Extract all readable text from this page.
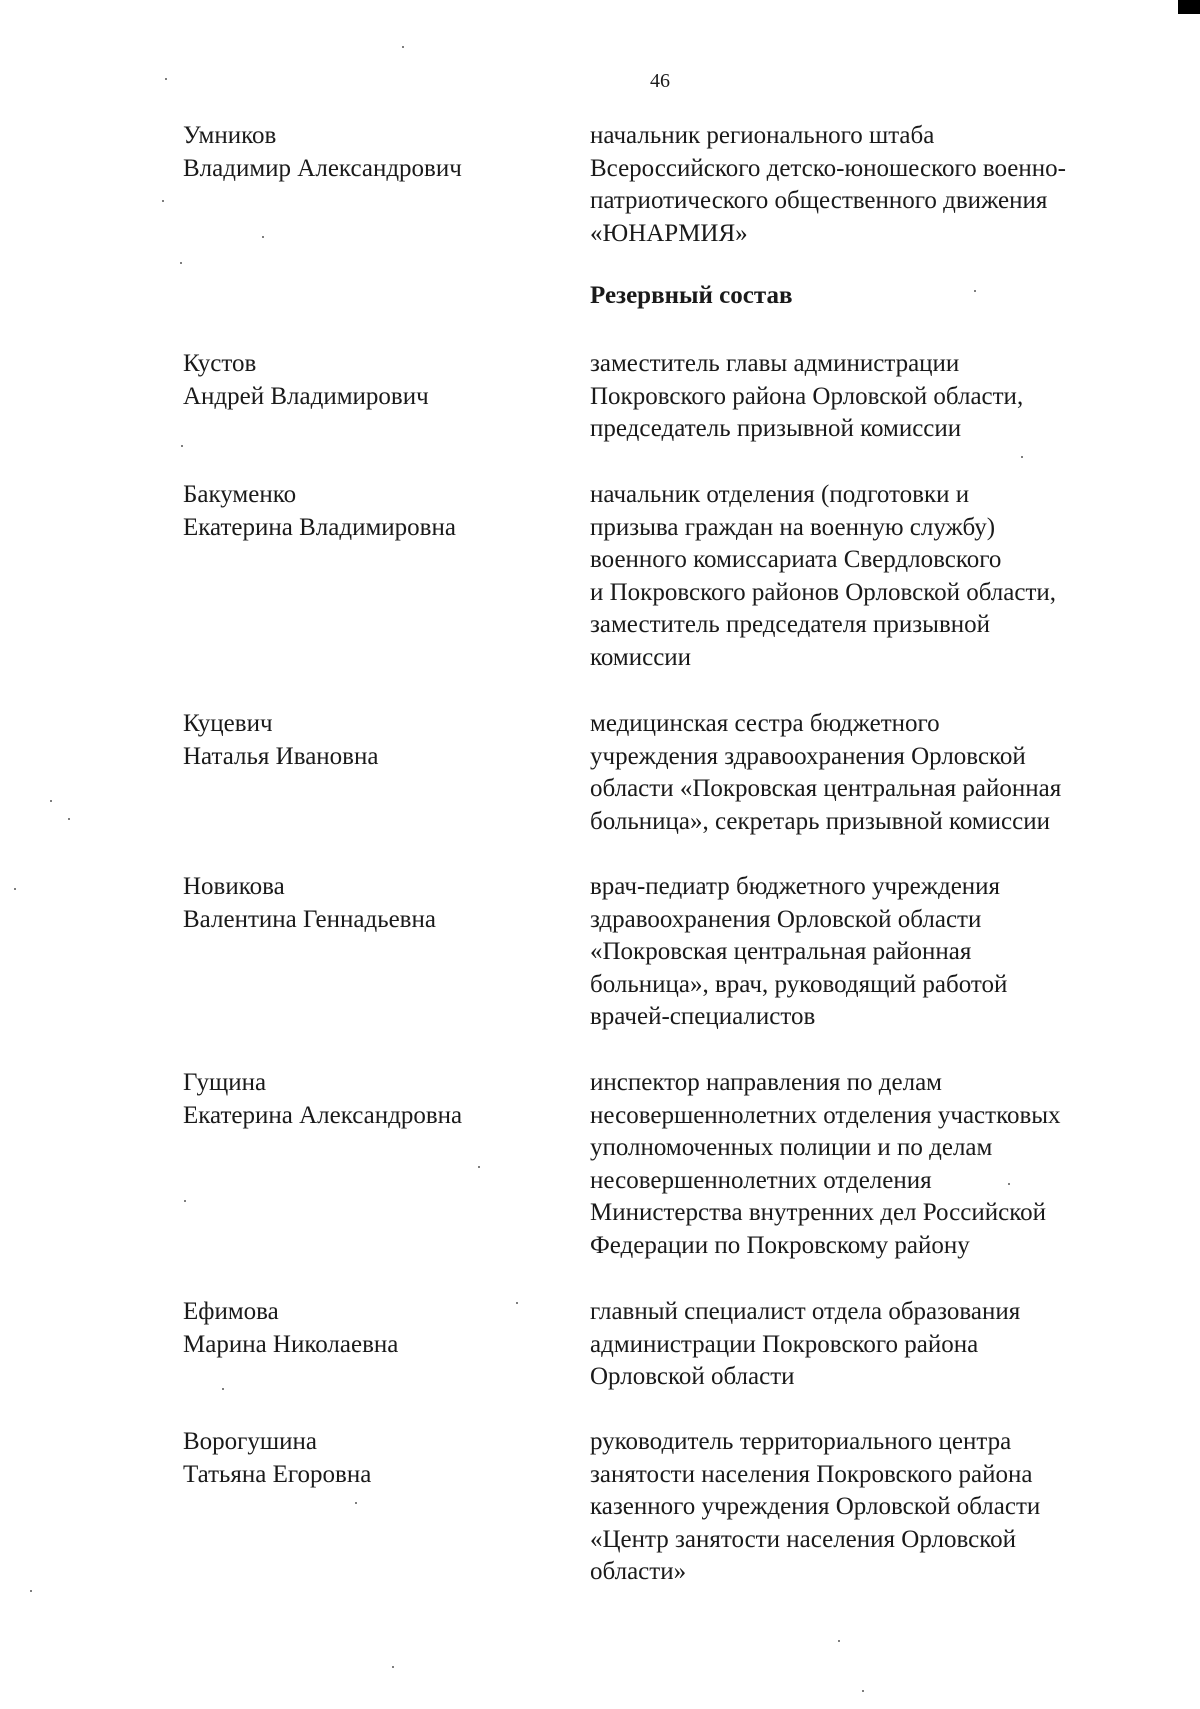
46
Умников
Владимир Александрович
начальник регионального штаба
Всероссийского детско-юношеского военно-
патриотического общественного движения
«ЮНАРМИЯ»
Резервный состав
Кустов
Андрей Владимирович
заместитель главы администрации
Покровского района Орловской области,
председатель призывной комиссии
Бакуменко
Екатерина Владимировна
начальник отделения (подготовки и
призыва граждан на военную службу)
военного комиссариата Свердловского
и Покровского районов Орловской области,
заместитель председателя призывной
комиссии
Куцевич
Наталья Ивановна
медицинская сестра бюджетного
учреждения здравоохранения Орловской
области «Покровская центральная районная
больница», секретарь призывной комиссии
Новикова
Валентина Геннадьевна
врач-педиатр бюджетного учреждения
здравоохранения Орловской области
«Покровская центральная районная
больница», врач, руководящий работой
врачей-специалистов
Гущина
Екатерина Александровна
инспектор направления по делам
несовершеннолетних отделения участковых
уполномоченных полиции и по делам
несовершеннолетних отделения
Министерства внутренних дел Российской
Федерации по Покровскому району
Ефимова
Марина Николаевна
главный специалист отдела образования
администрации Покровского района
Орловской области
Ворогушина
Татьяна Егоровна
руководитель территориального центра
занятости населения Покровского района
казенного учреждения Орловской области
«Центр занятости населения Орловской
области»
